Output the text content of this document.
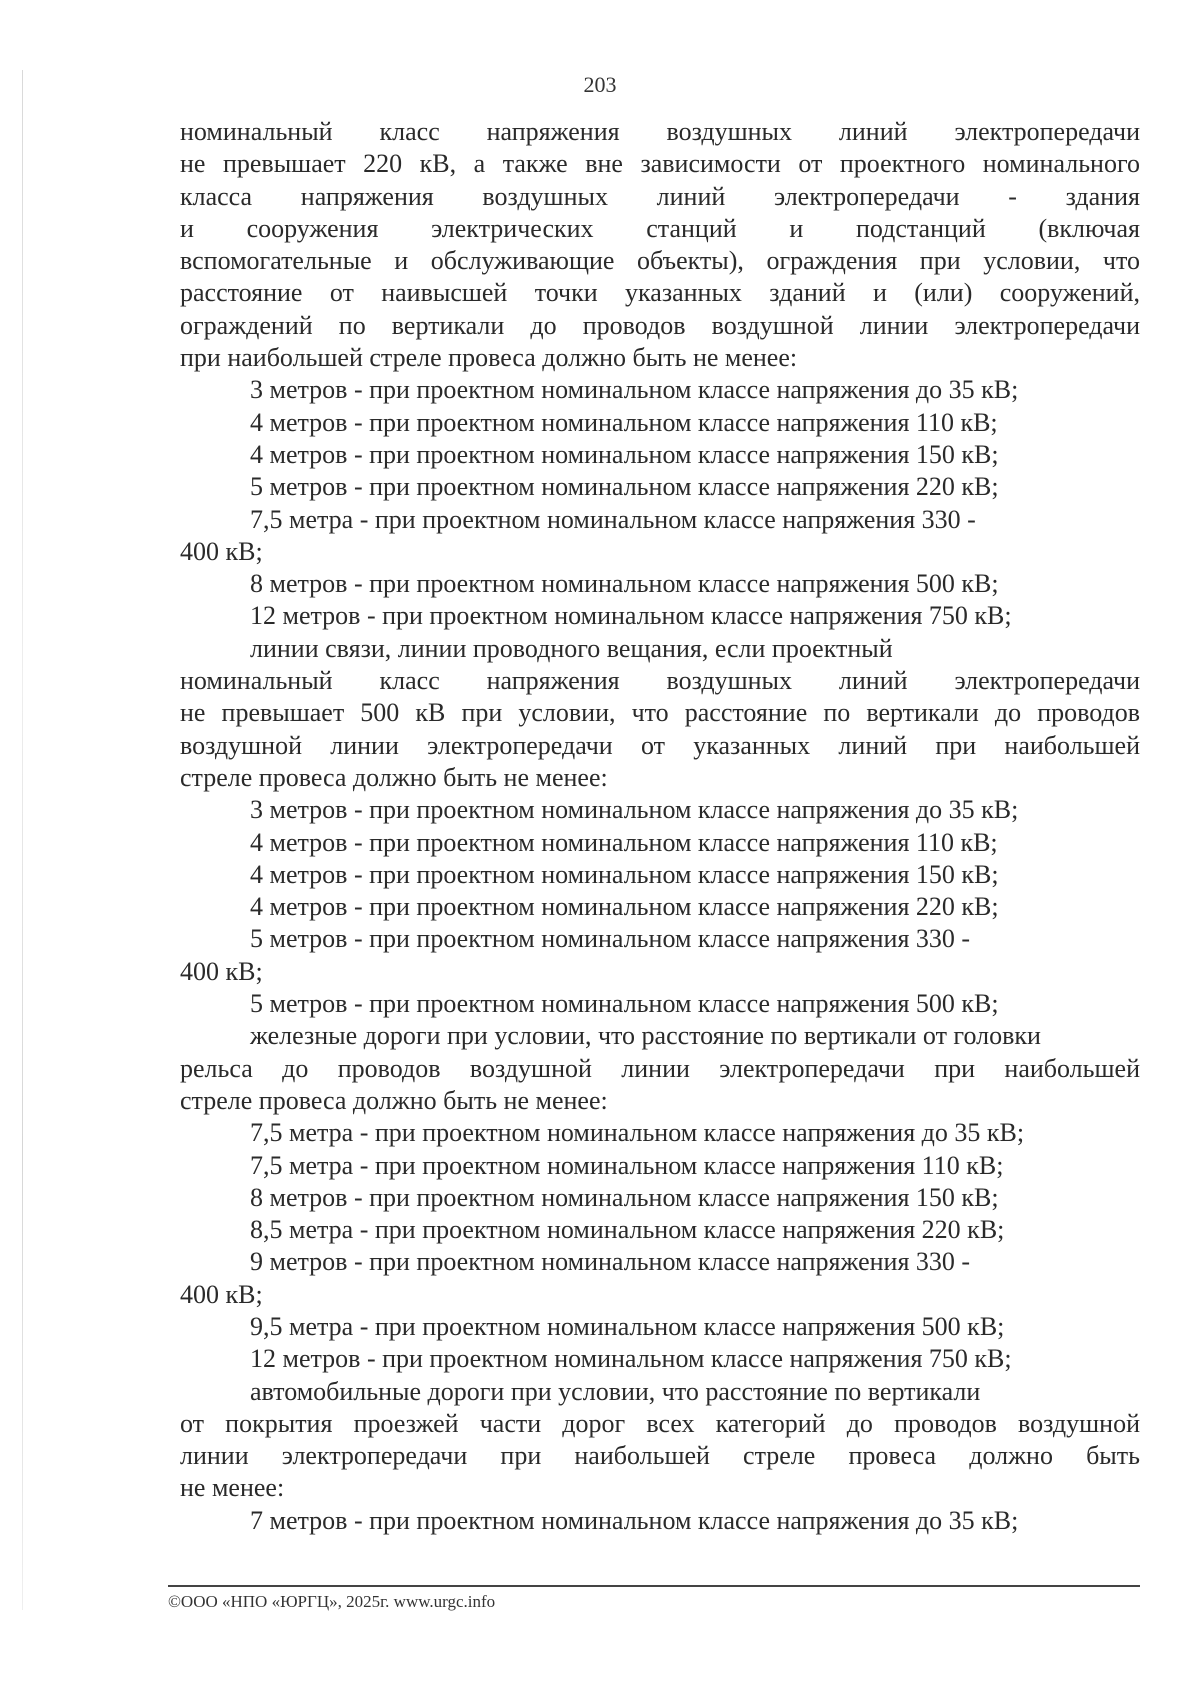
203
номинальный класс напряжения воздушных линий электропередачи
не превышает 220 кВ, а также вне зависимости от проектного номинального
класса напряжения воздушных линий электропередачи - здания
и сооружения электрических станций и подстанций (включая
вспомогательные и обслуживающие объекты), ограждения при условии, что
расстояние от наивысшей точки указанных зданий и (или) сооружений,
ограждений по вертикали до проводов воздушной линии электропередачи
при наибольшей стреле провеса должно быть не менее:
3 метров - при проектном номинальном классе напряжения до 35 кВ;
4 метров - при проектном номинальном классе напряжения 110 кВ;
4 метров - при проектном номинальном классе напряжения 150 кВ;
5 метров - при проектном номинальном классе напряжения 220 кВ;
7,5 метра - при проектном номинальном классе напряжения 330 -
400 кВ;
8 метров - при проектном номинальном классе напряжения 500 кВ;
12 метров - при проектном номинальном классе напряжения 750 кВ;
линии связи, линии проводного вещания, если проектный
номинальный класс напряжения воздушных линий электропередачи
не превышает 500 кВ при условии, что расстояние по вертикали до проводов
воздушной линии электропередачи от указанных линий при наибольшей
стреле провеса должно быть не менее:
3 метров - при проектном номинальном классе напряжения до 35 кВ;
4 метров - при проектном номинальном классе напряжения 110 кВ;
4 метров - при проектном номинальном классе напряжения 150 кВ;
4 метров - при проектном номинальном классе напряжения 220 кВ;
5 метров - при проектном номинальном классе напряжения 330 -
400 кВ;
5 метров - при проектном номинальном классе напряжения 500 кВ;
железные дороги при условии, что расстояние по вертикали от головки
рельса до проводов воздушной линии электропередачи при наибольшей
стреле провеса должно быть не менее:
7,5 метра - при проектном номинальном классе напряжения до 35 кВ;
7,5 метра - при проектном номинальном классе напряжения 110 кВ;
8 метров - при проектном номинальном классе напряжения 150 кВ;
8,5 метра - при проектном номинальном классе напряжения 220 кВ;
9 метров - при проектном номинальном классе напряжения 330 -
400 кВ;
9,5 метра - при проектном номинальном классе напряжения 500 кВ;
12 метров - при проектном номинальном классе напряжения 750 кВ;
автомобильные дороги при условии, что расстояние по вертикали
от покрытия проезжей части дорог всех категорий до проводов воздушной
линии электропередачи при наибольшей стреле провеса должно быть
не менее:
7 метров - при проектном номинальном классе напряжения до 35 кВ;
©ООО «НПО «ЮРГЦ», 2025г. www.urgc.info
